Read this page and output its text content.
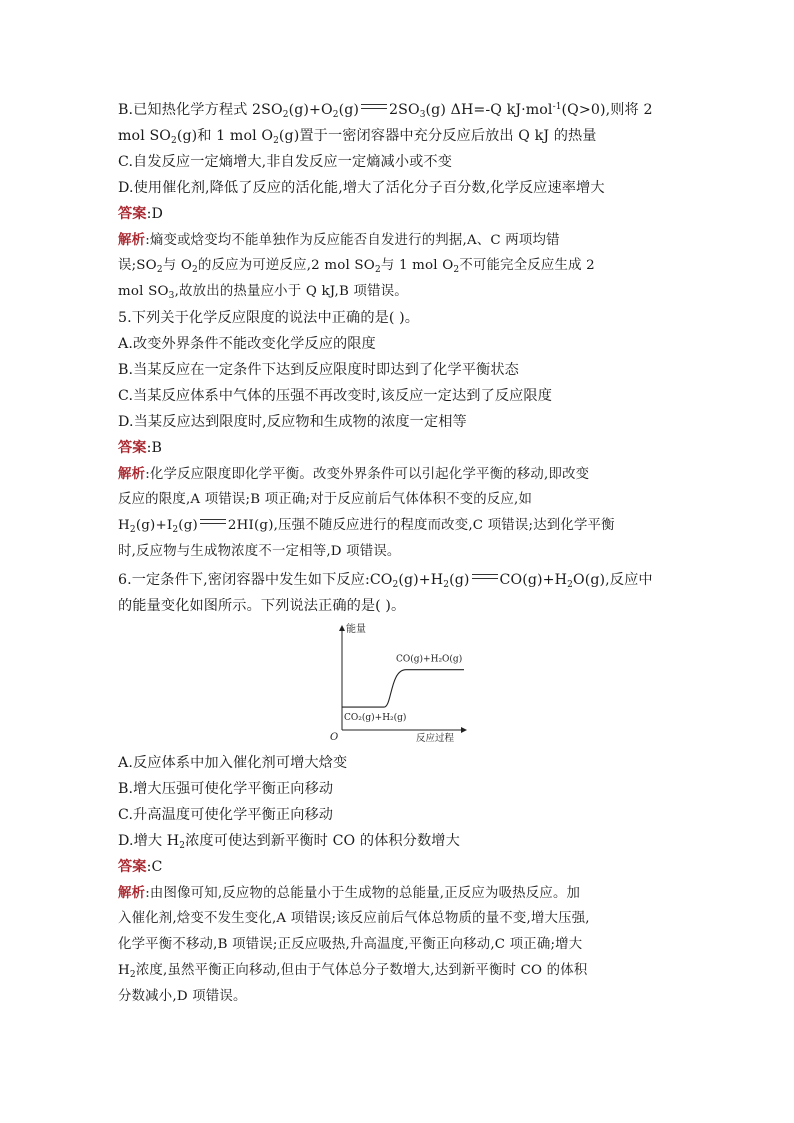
B.已知热化学方程式 $2SO_2(g)+O_2(g)$ $2SO_3(g)$ ΔH=-Q kJ·mol$^{-1}$(Q>0),则将 2
mol $SO_2(g)$和 1 mol $O_2(g)$置于一密闭容器中充分反应后放出 Q kJ 的热量
C.自发反应一定熵增大,非自发反应一定熵减小或不变
D.使用催化剂,降低了反应的活化能,增大了活化分子百分数,化学反应速率增大
答案:D
解析:熵变或焓变均不能单独作为反应能否自发进行的判据,A、C 两项均错
误$;SO_2$与 $O_2$的反应为可逆反应,2 mol $SO_2$与 1 mol $O_2$不可能完全反应生成 2
mol $SO_3$,故放出的热量应小于 Q kJ,B 项错误。
5.下列关于化学反应限度的说法中正确的是( )。
A.改变外界条件不能改变化学反应的限度
B.当某反应在一定条件下达到反应限度时即达到了化学平衡状态
C.当某反应体系中气体的压强不再改变时,该反应一定达到了反应限度
D.当某反应达到限度时,反应物和生成物的浓度一定相等
答案:B
解析:化学反应限度即化学平衡。改变外界条件可以引起化学平衡的移动,即改变
反应的限度,A 项错误;B 项正确;对于反应前后气体体积不变的反应,如
$H_2(g)+I_2(g)$ 2HI(g),压强不随反应进行的程度而改变,C 项错误;达到化学平衡
时,反应物与生成物浓度不一定相等,D 项错误。
6.一定条件下,密闭容器中发生如下反应$:CO_2(g)+H_2(g)$ $CO(g)+H_2O(g)$,反应中
的能量变化如图所示。下列说法正确的是( )。
能量
反应过程
O
CO(g)+H₂O(g)
CO₂(g)+H₂(g)
A.反应体系中加入催化剂可增大焓变
B.增大压强可使化学平衡正向移动
C.升高温度可使化学平衡正向移动
D.增大 $H_2$浓度可使达到新平衡时 CO 的体积分数增大
答案:C
解析:由图像可知,反应物的总能量小于生成物的总能量,正反应为吸热反应。加
入催化剂,焓变不发生变化,A 项错误;该反应前后气体总物质的量不变,增大压强,
化学平衡不移动,B 项错误;正反应吸热,升高温度,平衡正向移动,C 项正确;增大
$H_2$浓度,虽然平衡正向移动,但由于气体总分子数增大,达到新平衡时 CO 的体积
分数减小,D 项错误。
